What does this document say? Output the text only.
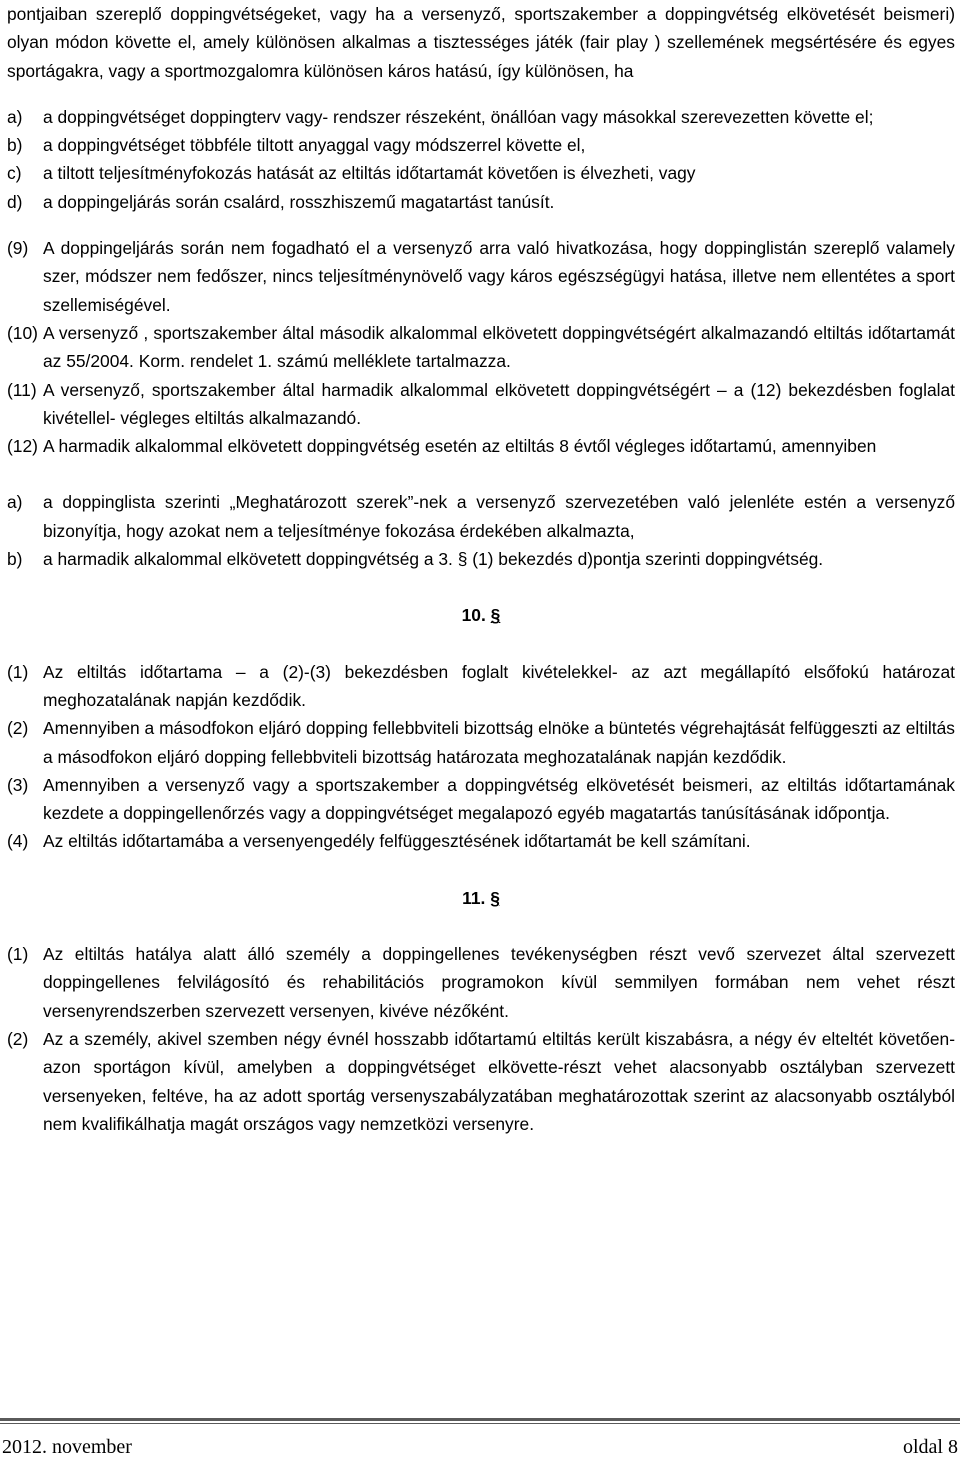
pontjaiban szereplő doppingvétségeket, vagy ha a versenyző, sportszakember a doppingvétség elkövetését beismeri) olyan módon követte el, amely különösen alkalmas a tisztességes játék (fair play ) szellemének megsértésére és egyes sportágakra, vagy a sportmozgalomra különösen káros hatású, így különösen, ha

a)	a doppingvétséget doppingterv vagy- rendszer részeként, önállóan vagy másokkal szerevezetten követte el;
b)	a doppingvétséget többféle tiltott anyaggal vagy módszerrel követte el,
c)	a tiltott teljesítményfokozás hatását az eltiltás időtartamát követően is élvezheti, vagy
d)	a doppingeljárás során csalárd, rosszhiszemű magatartást tanúsít.
(9) A doppingeljárás során nem fogadható el a versenyző arra való hivatkozása, hogy doppinglistán szereplő valamely szer, módszer nem fedőszer, nincs teljesítménynövelő vagy káros egészségügyi hatása, illetve nem ellentétes a sport szellemiségével.
(10) A versenyző , sportszakember által második alkalommal elkövetett doppingvétségért alkalmazandó eltiltás időtartamát az 55/2004. Korm. rendelet 1. számú melléklete tartalmazza.
(11) A versenyző, sportszakember által harmadik alkalommal elkövetett doppingvétségért – a (12) bekezdésben foglalat kivétellel- végleges eltiltás alkalmazandó.
(12) A harmadik alkalommal elkövetett doppingvétség esetén az eltiltás 8 évtől végleges időtartamú, amennyiben
a)	a doppinglista szerinti „Meghatározott szerek”-nek a versenyző szervezetében való jelenléte estén a versenyző bizonyítja, hogy azokat nem a teljesítménye fokozása érdekében alkalmazta,
b)	a harmadik alkalommal elkövetett doppingvétség a 3. § (1) bekezdés d)pontja szerinti doppingvétség.
10. §
(1) Az eltiltás időtartama – a (2)-(3) bekezdésben foglalt kivételekkel- az azt megállapító elsőfokú határozat meghozatalának napján kezdődik.
(2) Amennyiben a másodfokon eljáró dopping fellebbviteli bizottság elnöke a büntetés végrehajtását felfüggeszti az eltiltás a másodfokon eljáró dopping fellebbviteli bizottság határozata meghozatalának napján kezdődik.
(3) Amennyiben a versenyző vagy a sportszakember a doppingvétség elkövetését beismeri, az eltiltás időtartamának kezdete a doppingellenőrzés vagy a doppingvétséget megalapozó egyéb magatartás tanúsításának időpontja.
(4) Az eltiltás időtartamába a versenyengedély felfüggesztésének időtartamát be kell számítani.
11. §
(1) Az eltiltás hatálya alatt álló személy a doppingellenes tevékenységben részt vevő szervezet által szervezett doppingellenes felvilágosító és rehabilitációs programokon kívül semmilyen formában nem vehet részt versenyrendszerben szervezett versenyen, kivéve nézőként.
(2) Az a személy, akivel szemben négy évnél hosszabb időtartamú eltiltás került kiszabásra, a négy év elteltét követően- azon sportágon kívül, amelyben a doppingvétséget elkövette-részt vehet alacsonyabb osztályban szervezett versenyeken, feltéve, ha az adott sportág versenyszabályzatában meghatározottak szerint az alacsonyabb osztályból nem kvalifikálhatja magát országos vagy nemzetközi versenyre.
2012. november	oldal 8
